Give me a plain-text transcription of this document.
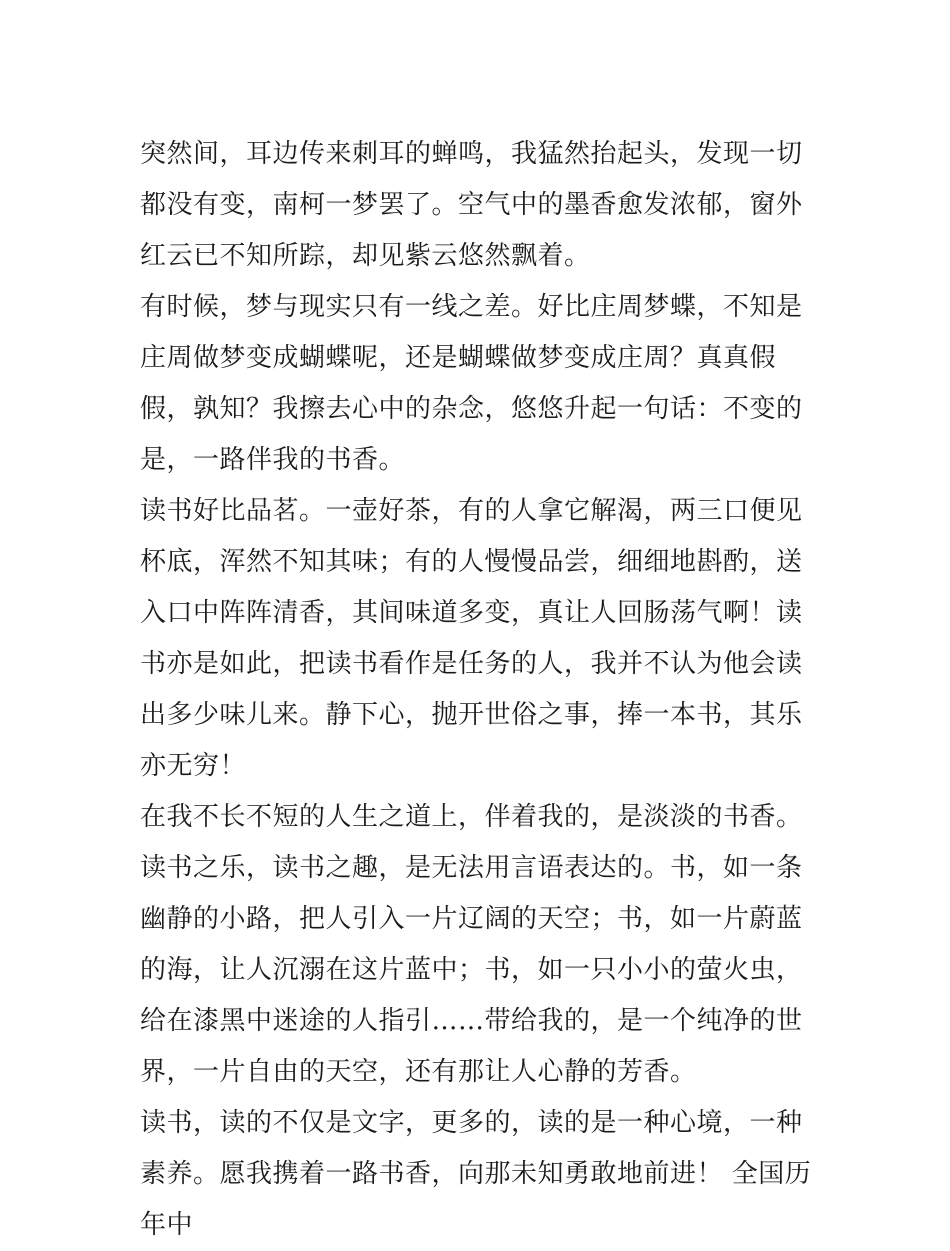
突然间，耳边传来刺耳的蝉鸣，我猛然抬起头，发现一切都没有变，南柯一梦罢了。空气中的墨香愈发浓郁，窗外红云已不知所踪，却见紫云悠然飘着。

有时候，梦与现实只有一线之差。好比庄周梦蝶，不知是庄周做梦变成蝴蝶呢，还是蝴蝶做梦变成庄周？真真假假，孰知？我擦去心中的杂念，悠悠升起一句话：不变的是，一路伴我的书香。

读书好比品茗。一壶好茶，有的人拿它解渴，两三口便见杯底，浑然不知其味；有的人慢慢品尝，细细地斟酌，送入口中阵阵清香，其间味道多变，真让人回肠荡气啊！读书亦是如此，把读书看作是任务的人，我并不认为他会读出多少味儿来。静下心，抛开世俗之事，捧一本书，其乐亦无穷！

在我不长不短的人生之道上，伴着我的，是淡淡的书香。读书之乐，读书之趣，是无法用言语表达的。书，如一条幽静的小路，把人引入一片辽阔的天空；书，如一片蔚蓝的海，让人沉溺在这片蓝中；书，如一只小小的萤火虫，给在漆黑中迷途的人指引……带给我的，是一个纯净的世界，一片自由的天空，还有那让人心静的芳香。

读书，读的不仅是文字，更多的，读的是一种心境，一种素养。愿我携着一路书香，向那未知勇敢地前进！ 全国历年中
